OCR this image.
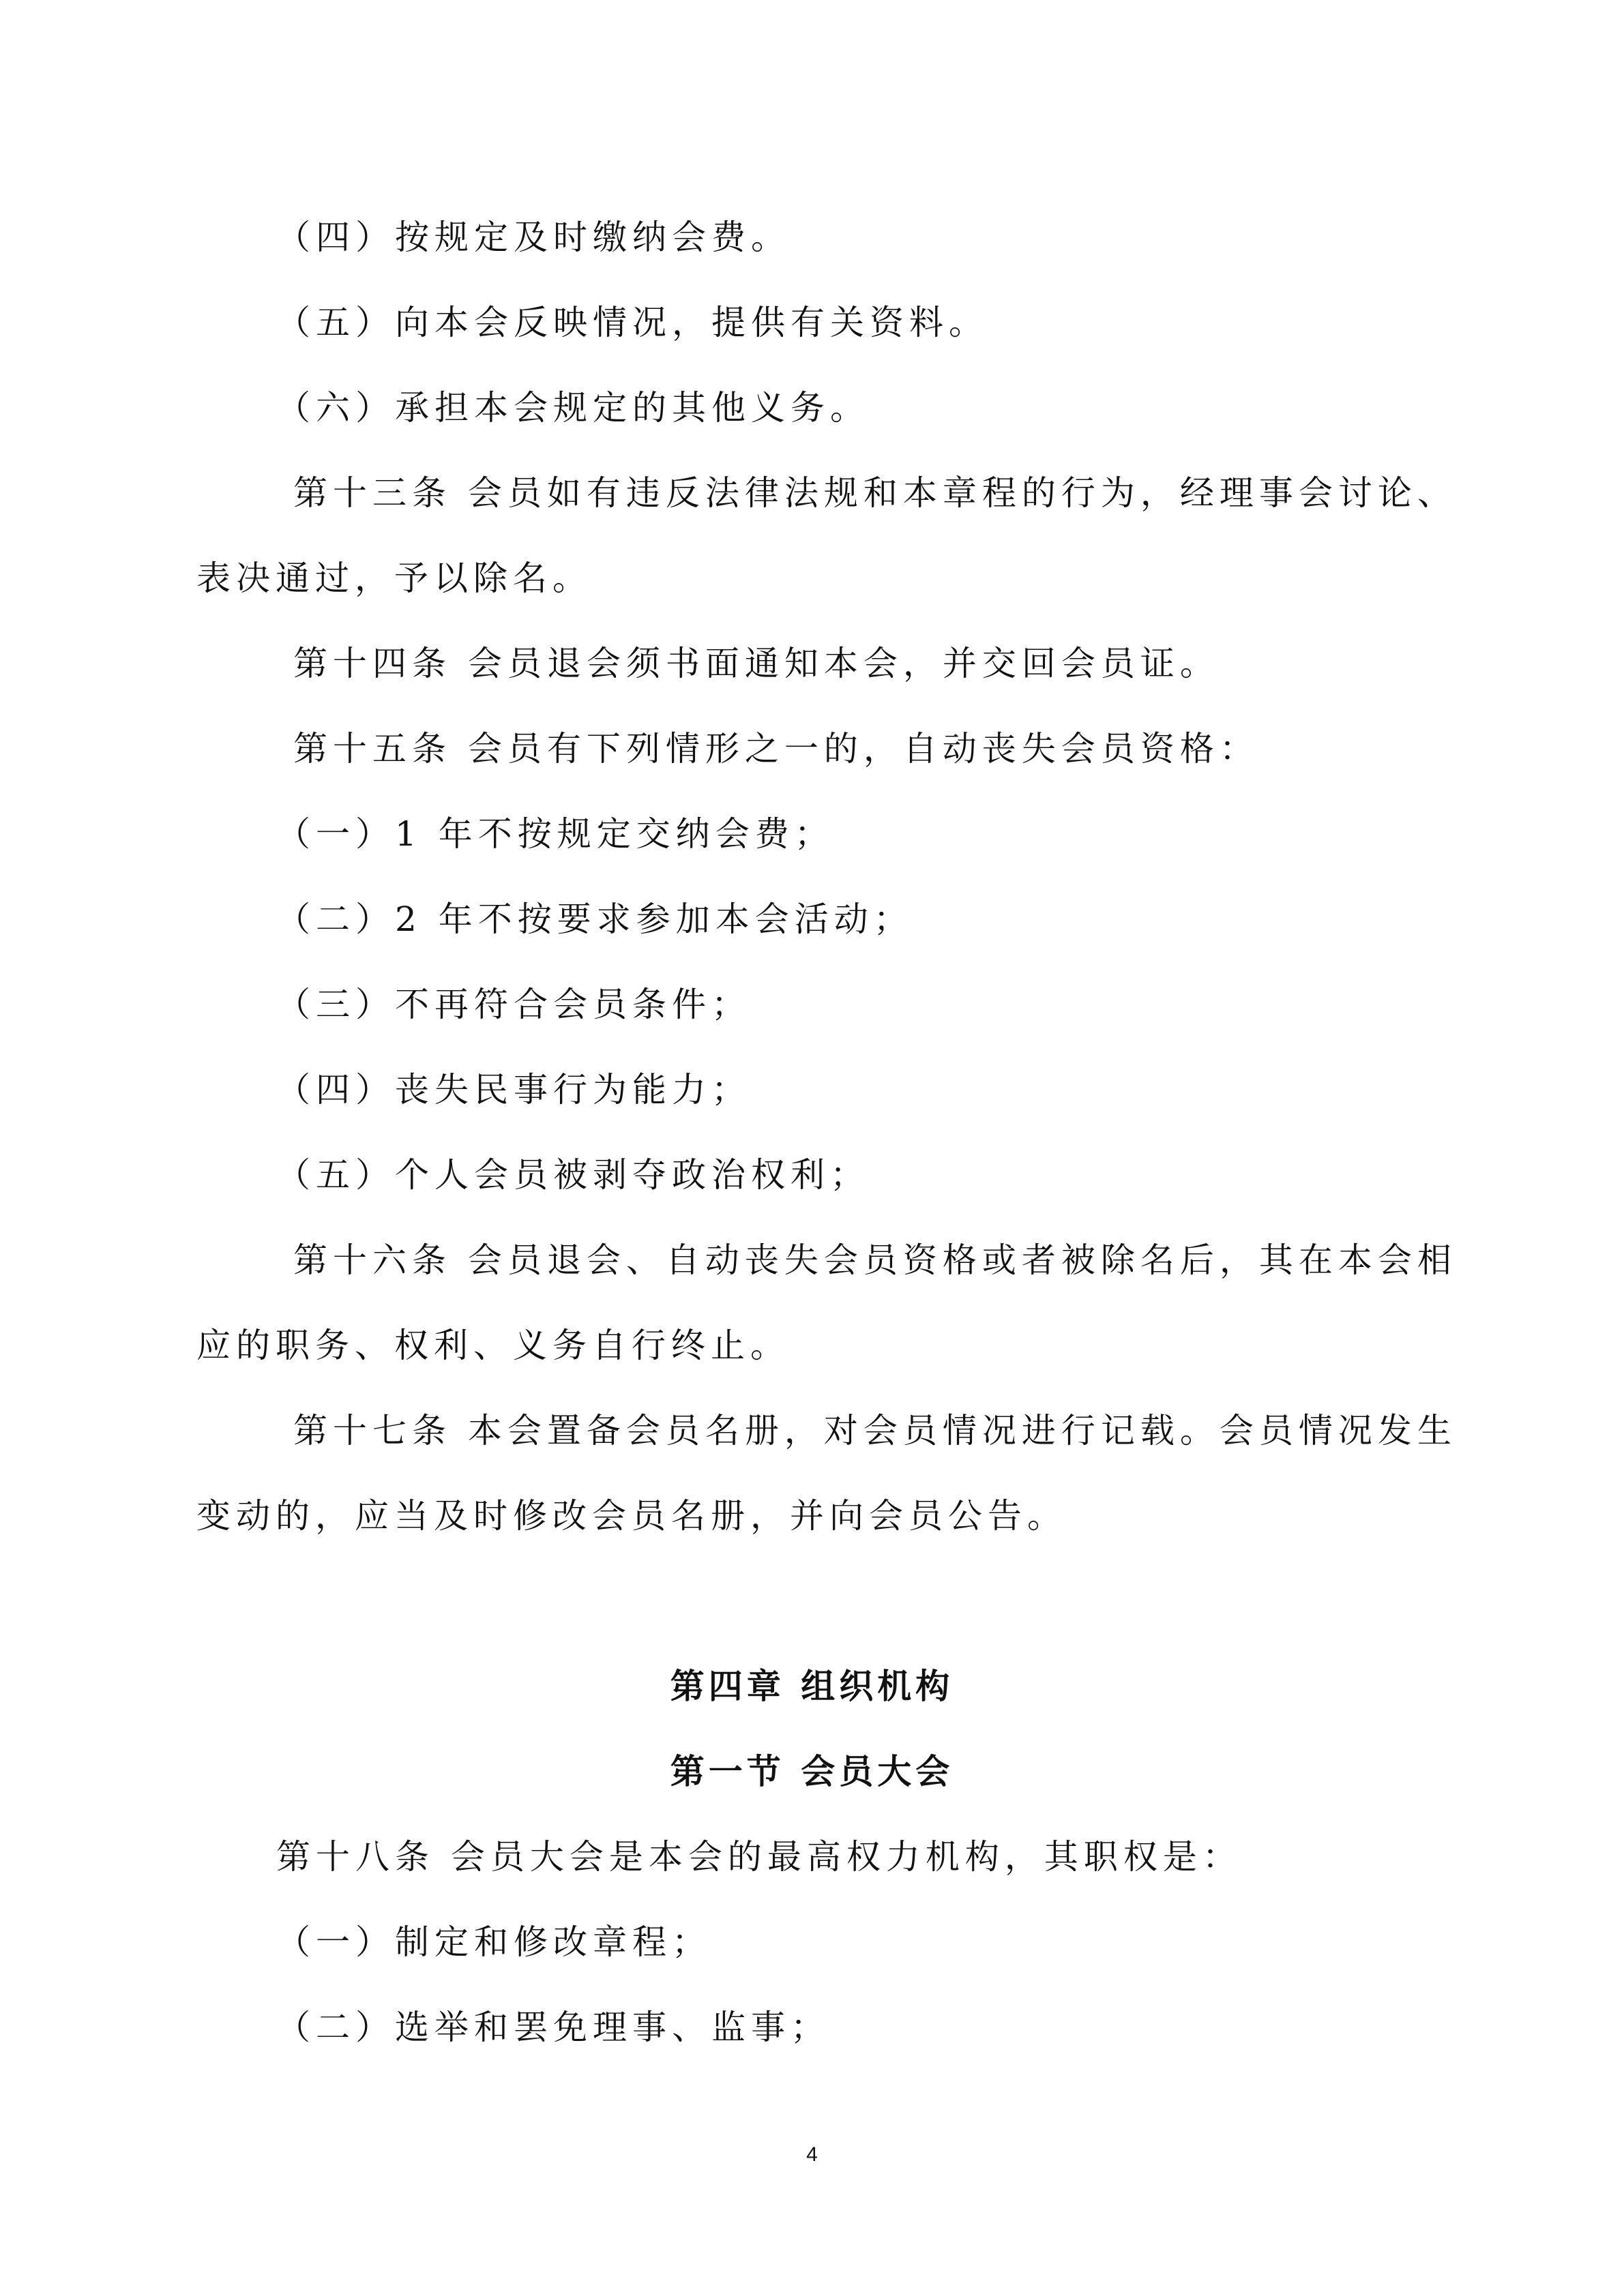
（四）按规定及时缴纳会费。
（五）向本会反映情况，提供有关资料。
（六）承担本会规定的其他义务。
第十三条 会员如有违反法律法规和本章程的行为，经理事会讨论、
表决通过，予以除名。
第十四条 会员退会须书面通知本会，并交回会员证。
第十五条 会员有下列情形之一的，自动丧失会员资格：
（一）1 年不按规定交纳会费；
（二）2 年不按要求参加本会活动；
（三）不再符合会员条件；
（四）丧失民事行为能力；
（五）个人会员被剥夺政治权利；
第十六条 会员退会、自动丧失会员资格或者被除名后，其在本会相
应的职务、权利、义务自行终止。
第十七条 本会置备会员名册，对会员情况进行记载。会员情况发生
变动的，应当及时修改会员名册，并向会员公告。
第四章 组织机构
第一节 会员大会
第十八条 会员大会是本会的最高权力机构，其职权是：
（一）制定和修改章程；
（二）选举和罢免理事、监事；
4
